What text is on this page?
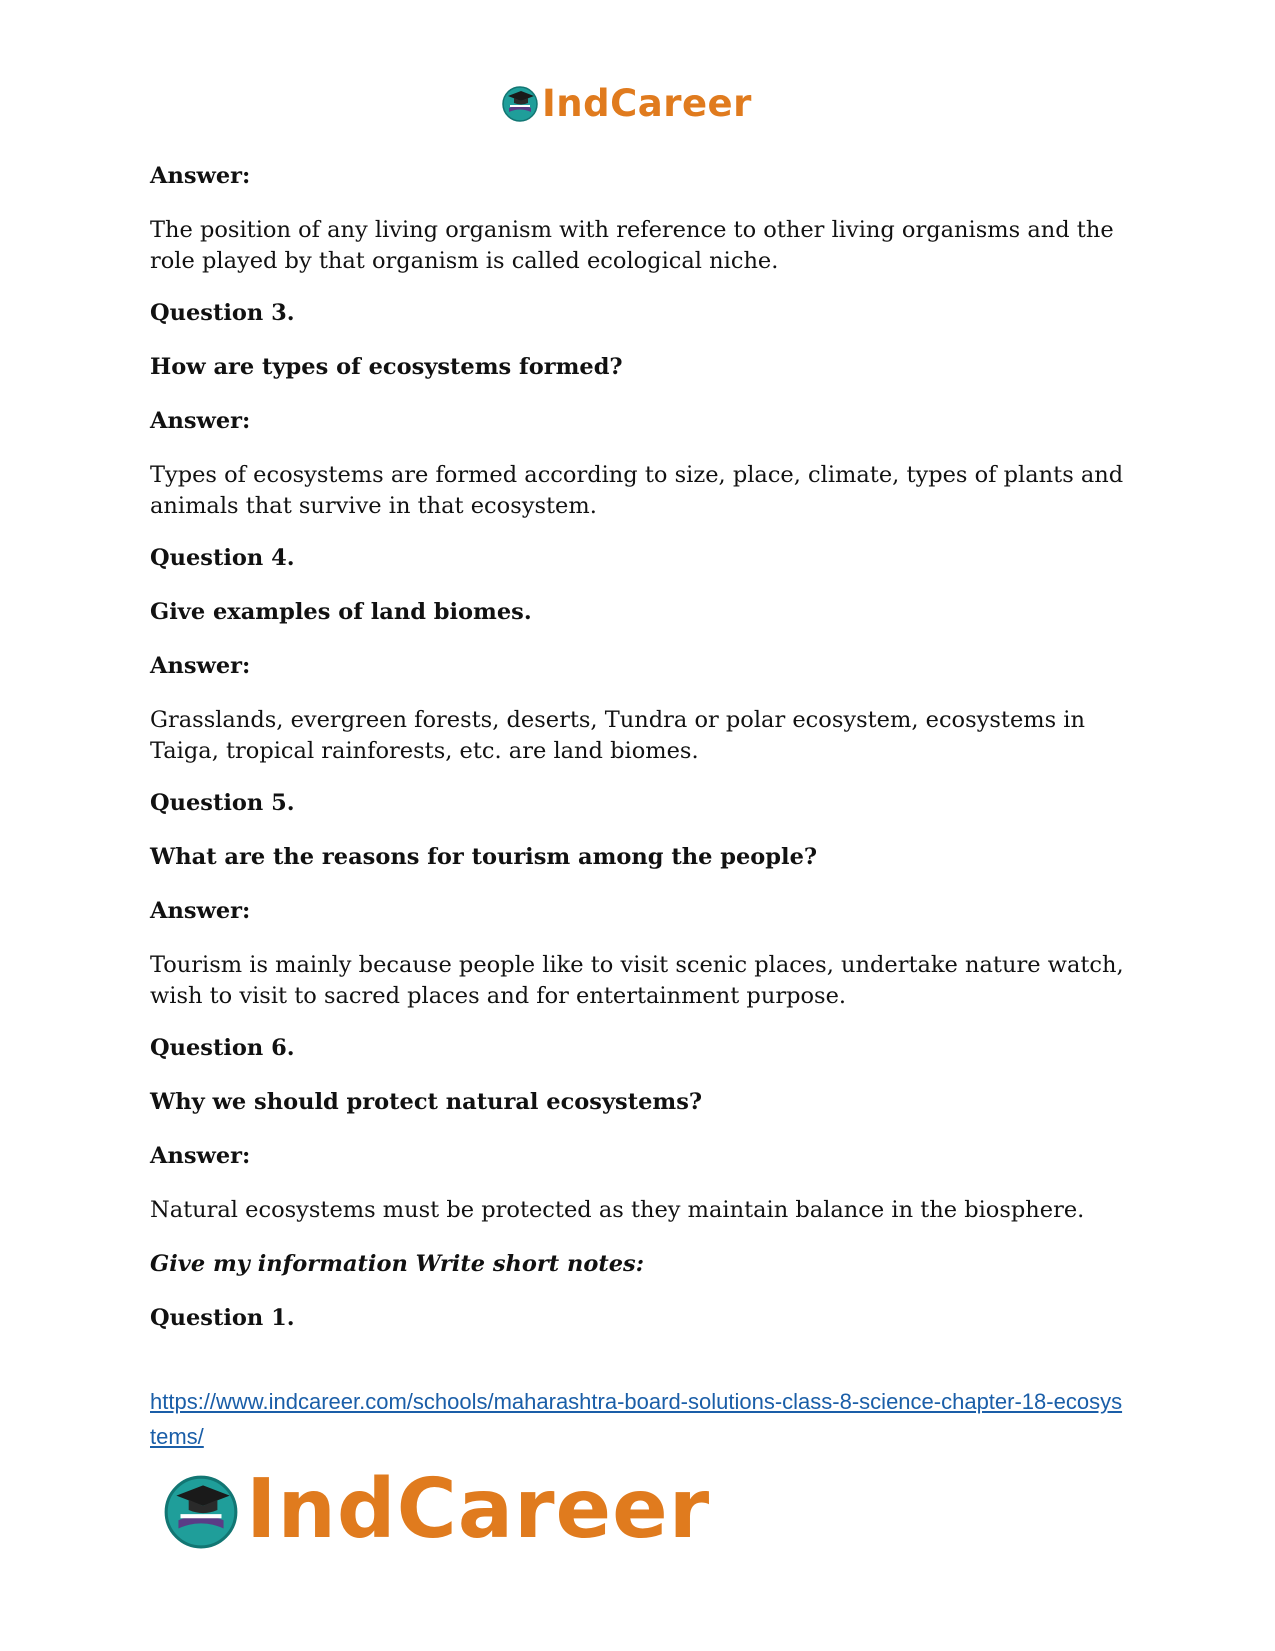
IndCareer

Answer:

The position of any living organism with reference to other living organisms and the role played by that organism is called ecological niche.

Question 3.

How are types of ecosystems formed?

Answer:

Types of ecosystems are formed according to size, place, climate, types of plants and animals that survive in that ecosystem.

Question 4.

Give examples of land biomes.

Answer:

Grasslands, evergreen forests, deserts, Tundra or polar ecosystem, ecosystems in Taiga, tropical rainforests, etc. are land biomes.

Question 5.

What are the reasons for tourism among the people?

Answer:

Tourism is mainly because people like to visit scenic places, undertake nature watch, wish to visit to sacred places and for entertainment purpose.

Question 6.

Why we should protect natural ecosystems?

Answer:

Natural ecosystems must be protected as they maintain balance in the biosphere.

Give my information Write short notes:

Question 1.

https://www.indcareer.com/schools/maharashtra-board-solutions-class-8-science-chapter-18-ecosystems/
IndCareer
